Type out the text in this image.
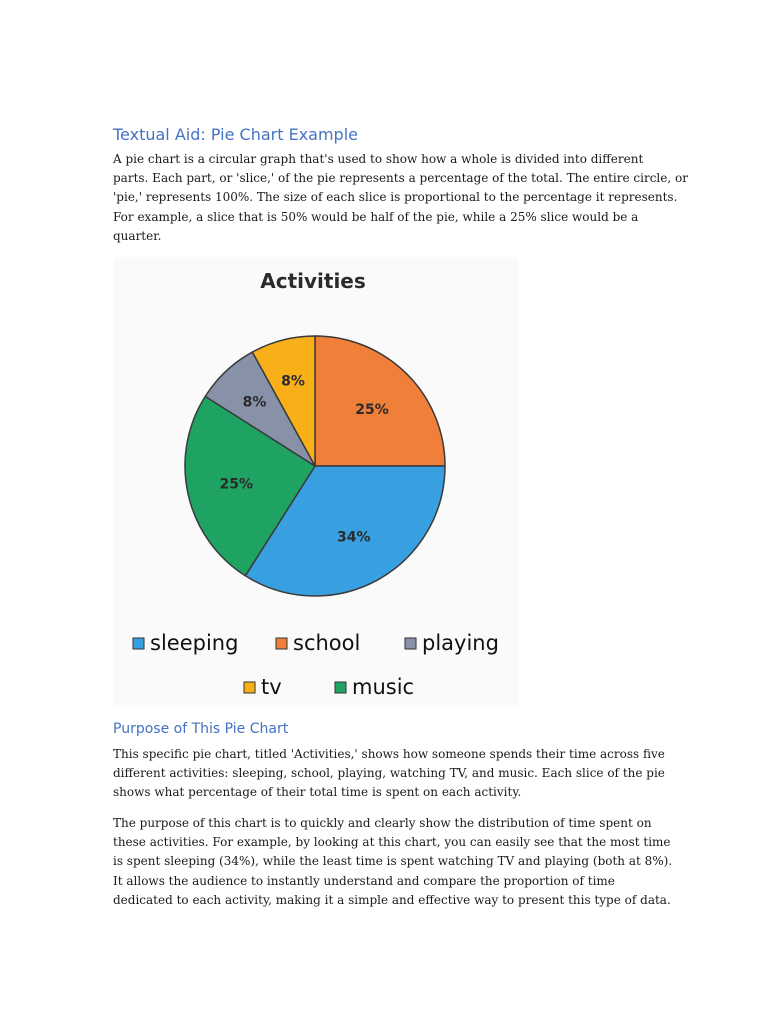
Textual Aid: Pie Chart Example

A pie chart is a circular graph that's used to show how a whole is divided into different
parts. Each part, or 'slice,' of the pie represents a percentage of the total. The entire circle, or
'pie,' represents 100%. The size of each slice is proportional to the percentage it represents.
For example, a slice that is 50% would be half of the pie, while a 25% slice would be a
quarter.

Activities
25%
34%
25%
8%
8%
sleeping	school	playing
tv	music
Purpose of This Pie Chart

This specific pie chart, titled 'Activities,' shows how someone spends their time across five
different activities: sleeping, school, playing, watching TV, and music. Each slice of the pie
shows what percentage of their total time is spent on each activity.

The purpose of this chart is to quickly and clearly show the distribution of time spent on
these activities. For example, by looking at this chart, you can easily see that the most time
is spent sleeping (34%), while the least time is spent watching TV and playing (both at 8%).
It allows the audience to instantly understand and compare the proportion of time
dedicated to each activity, making it a simple and effective way to present this type of data.
